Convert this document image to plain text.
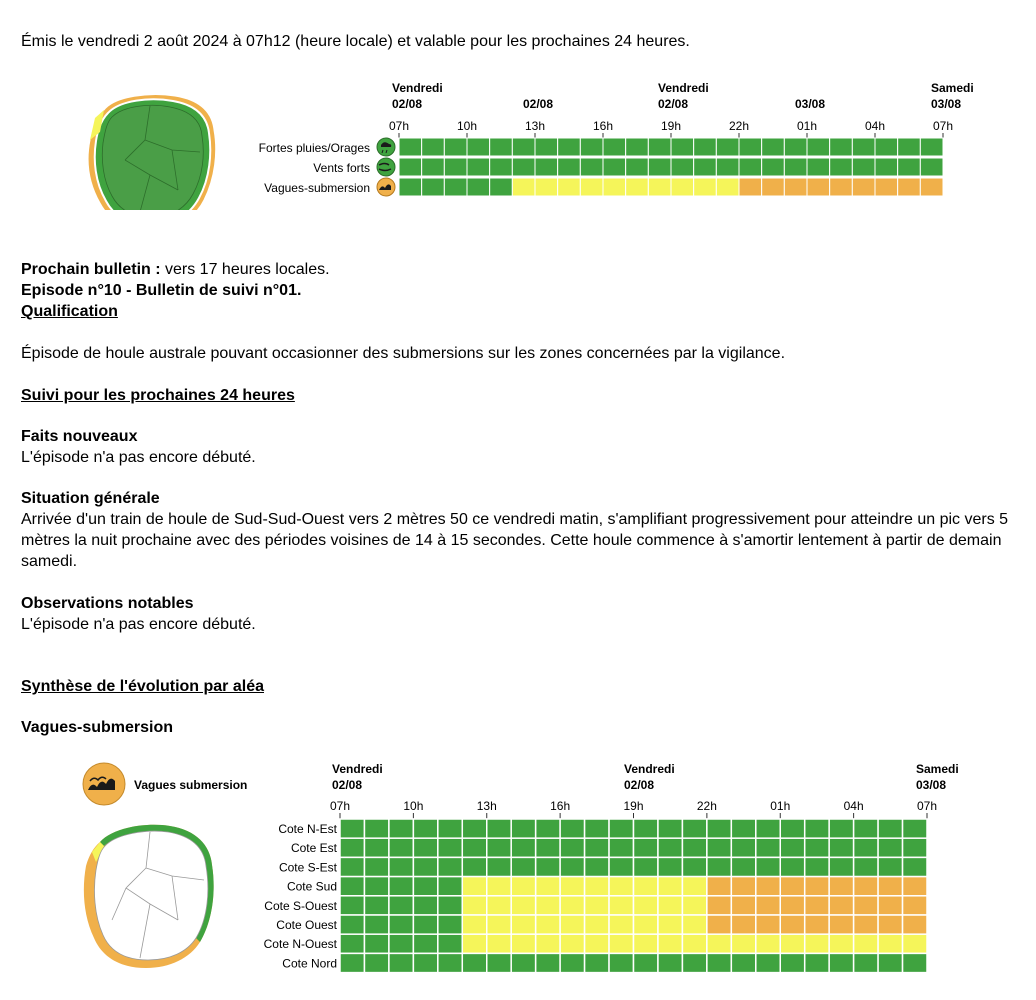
Émis le vendredi 2 août 2024 à 07h12 (heure locale) et valable pour les prochaines 24 heures.
Fortes pluies/Orages
Vents forts
Vagues-submersion
Vendredi
02/08	02/08
Vendredi
02/08	03/08
Samedi
03/08
07h	10h	13h	16h	19h	22h	01h	04h	07h
Prochain bulletin : vers 17 heures locales.
Episode n°10 - Bulletin de suivi n°01.
Qualification
Épisode de houle australe pouvant occasionner des submersions sur les zones concernées par la vigilance.
Suivi pour les prochaines 24 heures
Faits nouveaux
L'épisode n'a pas encore débuté.
Situation générale
Arrivée d'un train de houle de Sud-Sud-Ouest vers 2 mètres 50 ce vendredi matin, s'amplifiant progressivement pour atteindre un pic vers 5 mètres la nuit prochaine avec des périodes voisines de 14 à 15 secondes. Cette houle commence à s'amortir lentement à partir de demain samedi.
Observations notables
L'épisode n'a pas encore débuté.
Synthèse de l'évolution par aléa
Vagues-submersion
Vagues submersion
Vendredi
02/08
Vendredi
02/08
Samedi
03/08
07h	10h	13h	16h	19h	22h	01h	04h	07h
Cote N-Est
Cote Est
Cote S-Est
Cote Sud
Cote S-Ouest
Cote Ouest
Cote N-Ouest
Cote Nord
